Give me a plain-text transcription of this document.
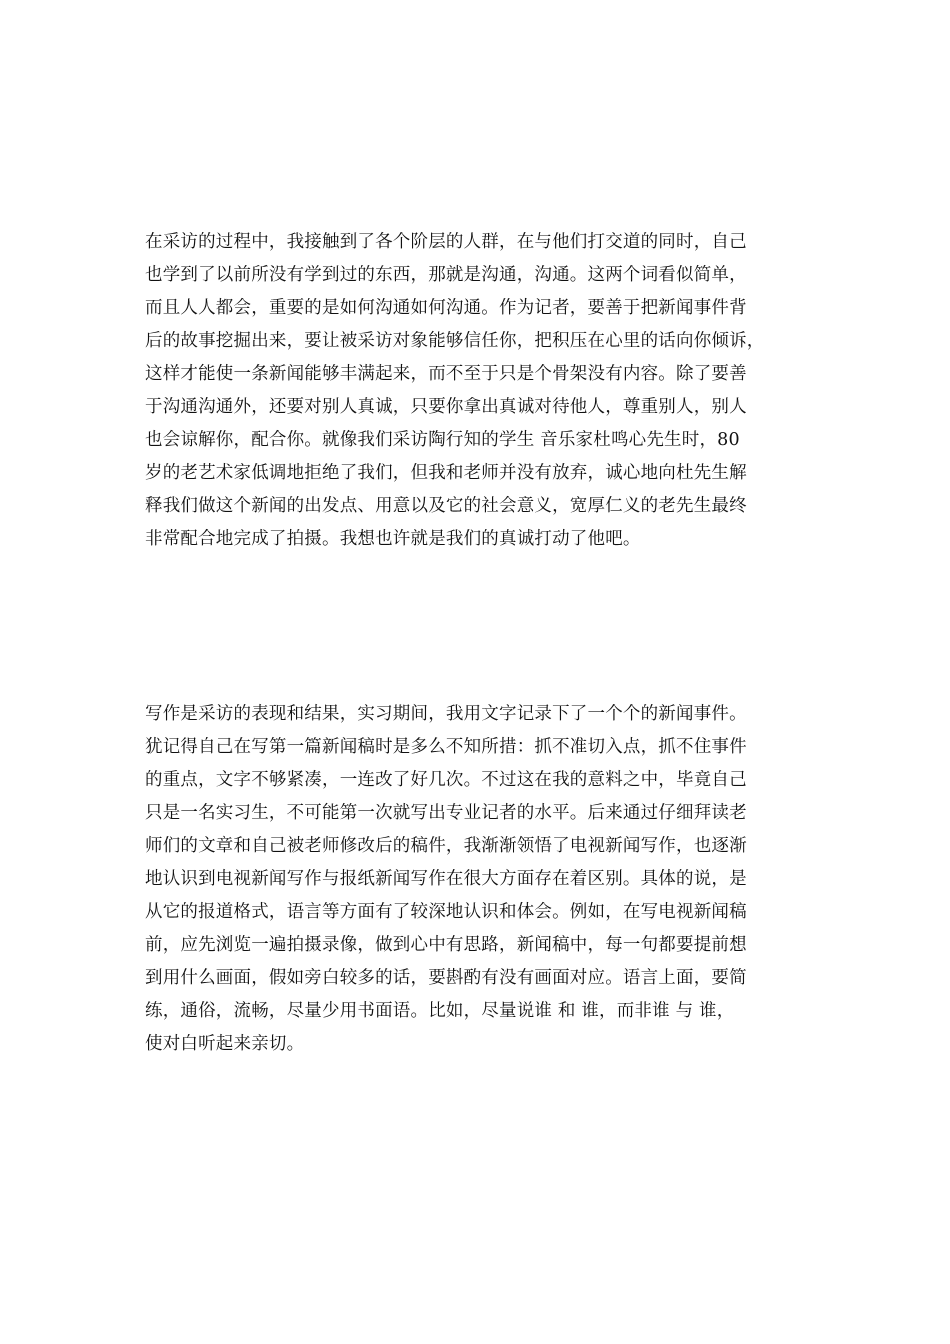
在采访的过程中，我接触到了各个阶层的人群，在与他们打交道的同时，自己
也学到了以前所没有学到过的东西，那就是沟通，沟通。这两个词看似简单，
而且人人都会，重要的是如何沟通如何沟通。作为记者，要善于把新闻事件背
后的故事挖掘出来，要让被采访对象能够信任你，把积压在心里的话向你倾诉，
这样才能使一条新闻能够丰满起来，而不至于只是个骨架没有内容。除了要善
于沟通沟通外，还要对别人真诚，只要你拿出真诚对待他人，尊重别人，别人
也会谅解你，配合你。就像我们采访陶行知的学生 音乐家杜鸣心先生时，80
岁的老艺术家低调地拒绝了我们，但我和老师并没有放弃，诚心地向杜先生解
释我们做这个新闻的出发点、用意以及它的社会意义，宽厚仁义的老先生最终
非常配合地完成了拍摄。我想也许就是我们的真诚打动了他吧。

写作是采访的表现和结果，实习期间，我用文字记录下了一个个的新闻事件。
犹记得自己在写第一篇新闻稿时是多么不知所措：抓不准切入点，抓不住事件
的重点，文字不够紧凑，一连改了好几次。不过这在我的意料之中，毕竟自己
只是一名实习生，不可能第一次就写出专业记者的水平。后来通过仔细拜读老
师们的文章和自己被老师修改后的稿件，我渐渐领悟了电视新闻写作，也逐渐
地认识到电视新闻写作与报纸新闻写作在很大方面存在着区别。具体的说，是
从它的报道格式，语言等方面有了较深地认识和体会。例如，在写电视新闻稿
前，应先浏览一遍拍摄录像，做到心中有思路，新闻稿中，每一句都要提前想
到用什么画面，假如旁白较多的话，要斟酌有没有画面对应。语言上面，要简
练，通俗，流畅，尽量少用书面语。比如，尽量说谁 和 谁，而非谁 与 谁，
使对白听起来亲切。
